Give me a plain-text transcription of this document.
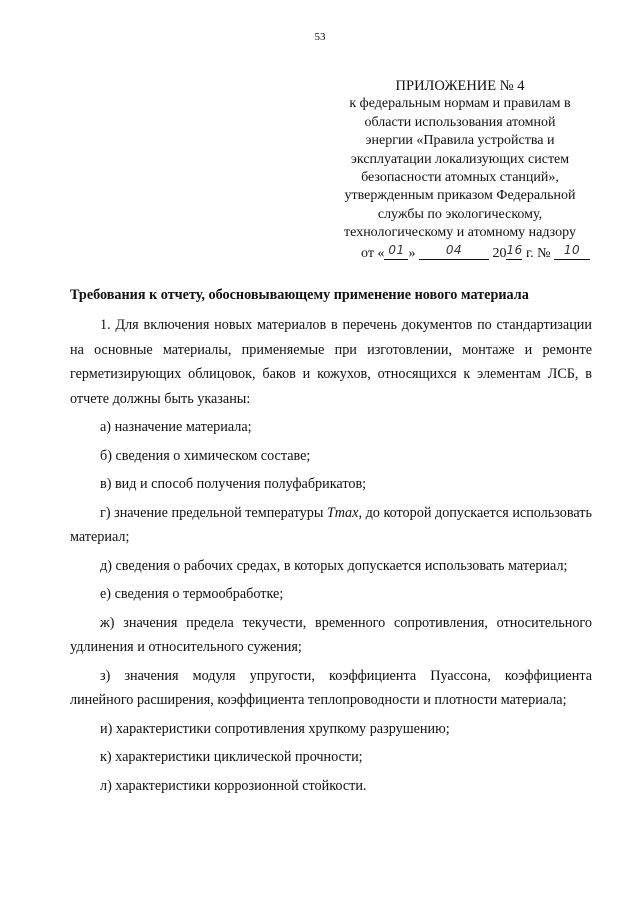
53
ПРИЛОЖЕНИЕ № 4
к федеральным нормам и правилам в
области использования атомной
энергии «Правила устройства и
эксплуатации локализующих систем
безопасности атомных станций»,
утвержденным приказом Федеральной
службы по экологическому,
технологическому и атомному надзору
от « 01 »	04 2016 г. № 10
Требования к отчету, обосновывающему применение нового материала

1. Для включения новых материалов в перечень документов по стандартизации на основные материалы, применяемые при изготовлении, монтаже и ремонте герметизирующих облицовок, баков и кожухов, относящихся к элементам ЛСБ, в отчете должны быть указаны:

а) назначение материала;

б) сведения о химическом составе;

в) вид и способ получения полуфабрикатов;

г) значение предельной температуры Tmax, до которой допускается использовать материал;

д) сведения о рабочих средах, в которых допускается использовать материал;

е) сведения о термообработке;

ж) значения предела текучести, временного сопротивления, относительного удлинения и относительного сужения;

з) значения модуля упругости, коэффициента Пуассона, коэффициента линейного расширения, коэффициента теплопроводности и плотности материала;

и) характеристики сопротивления хрупкому разрушению;

к) характеристики циклической прочности;

л) характеристики коррозионной стойкости.
